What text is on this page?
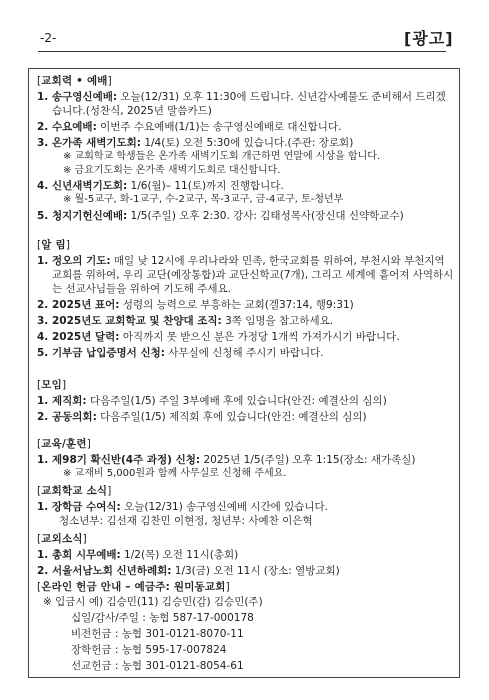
-2-	[광고]
[ 교회력 • 예배 ]
1. 송구영신예배: 오늘(12/31) 오후 11:30에 드립니다. 신년감사예물도 준비해서 드리겠습니다.(성찬식, 2025년 말씀카드)
2. 수요예배: 이번주 수요예배(1/1)는 송구영신예배로 대신합니다.
3. 온가족 새벽기도회: 1/4(토) 오전 5:30에 있습니다.(주관: 장로회)
※ 교회학교 학생들은 온가족 새벽기도회 개근하면 연말에 시상을 합니다.
※ 금요기도회는 온가족 새벽기도회로 대신합니다.
4. 신년새벽기도회: 1/6(월)– 11(토)까지 진행합니다.
※ 월-5교구, 화-1교구, 수-2교구, 목-3교구, 금-4교구, 토-청년부
5. 청지기헌신예배: 1/5(주일) 오후 2:30. 강사: 김태성목사(장신대 신약학교수)
[ 알 림 ]
1. 정오의 기도: 매일 낮 12시에 우리나라와 민족, 한국교회를 위하여, 부천시와 부천지역 교회를 위하여, 우리 교단(예장통합)과 교단신학교(7개), 그리고 세계에 흩어져 사역하시는 선교사님들을 위하여 기도해 주세요.
2. 2025년 표어: 성령의 능력으로 부흥하는 교회(겔37:14, 행9:31)
3. 2025년도 교회학교 및 찬양대 조직: 3쪽 임명을 참고하세요.
4. 2025년 달력: 아직까지 못 받으신 분은 가정당 1개씩 가져가시기 바랍니다.
5. 기부금 납입증명서 신청: 사무실에 신청해 주시기 바랍니다.
[ 모임 ]
1. 제직회: 다음주일(1/5) 주일 3부예배 후에 있습니다(안건: 예결산의 심의)
2. 공동의회: 다음주일(1/5) 제직회 후에 있습니다(안건: 예결산의 심의)
[ 교육/훈련 ]
1. 제98기 확신반(4주 과정) 신청: 2025년 1/5(주일) 오후 1:15(장소: 새가족실)
※ 교재비 5,000원과 함께 사무실로 신청해 주세요.
[ 교회학교 소식 ]
1. 장학금 수여식: 오늘(12/31) 송구영신예배 시간에 있습니다.
청소년부: 김선재 김찬민 이현정, 청년부: 사예찬 이은혁
[ 교외소식 ]
1. 총회 시무예배: 1/2(목) 오전 11시(총회)
2. 서울서남노회 신년하례회: 1/3(금) 오전 11시 (장소: 열방교회)
[ 온라인 헌금 안내 – 예금주: 원미동교회 ]
※ 입금시 예) 김승민(11) 김승민(감) 김승민(주)
십일/감사/주일 : 농협 587-17-000178
비전헌금 : 농협 301-0121-8070-11
장학헌금 : 농협 595-17-007824
선교헌금 : 농협 301-0121-8054-61
